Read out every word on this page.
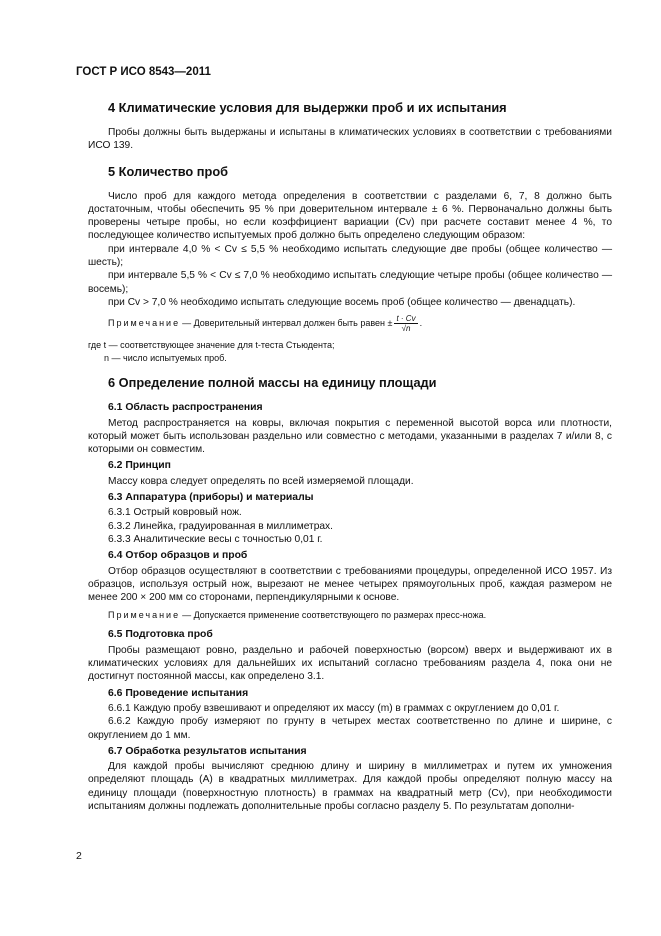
ГОСТ Р ИСО 8543—2011
4 Климатические условия для выдержки проб и их испытания

Пробы должны быть выдержаны и испытаны в климатических условиях в соответствии с требованиями ИСО 139.

5 Количество проб

Число проб для каждого метода определения в соответствии с разделами 6, 7, 8 должно быть достаточным, чтобы обеспечить 95 % при доверительном интервале ± 6 %. Первоначально должны быть проверены четыре пробы, но если коэффициент вариации (Cv) при расчете составит менее 4 %, то последующее количество испытуемых проб должно быть определено следующим образом:

при интервале 4,0 % < Cv ≤ 5,5 % необходимо испытать следующие две пробы (общее количество — шесть);

при интервале 5,5 % < Cv ≤ 7,0 % необходимо испытать следующие четыре пробы (общее количество — восемь);

при Cv > 7,0 % необходимо испытать следующие восемь проб (общее количество — двенадцать).

Примечание — Доверительный интервал должен быть равен ± $\frac{t \cdot Cv}{√n}$ .

где t — соответствующее значение для t-теста Стьюдента;

n — число испытуемых проб.

6 Определение полной массы на единицу площади
6.1 Область распространения

Метод распространяется на ковры, включая покрытия с переменной высотой ворса или плотности, который может быть использован раздельно или совместно с методами, указанными в разделах 7 и/или 8, с которыми он совместим.

6.2 Принцип

Массу ковра следует определять по всей измеряемой площади.

6.3 Аппаратура (приборы) и материалы

6.3.1 Острый ковровый нож.

6.3.2 Линейка, градуированная в миллиметрах.

6.3.3 Аналитические весы с точностью 0,01 г.

6.4 Отбор образцов и проб

Отбор образцов осуществляют в соответствии с требованиями процедуры, определенной ИСО 1957. Из образцов, используя острый нож, вырезают не менее четырех прямоугольных проб, каждая размером не менее 200 × 200 мм со сторонами, перпендикулярными к основе.

Примечание — Допускается применение соответствующего по размерах пресс-ножа.
6.5 Подготовка проб

Пробы размещают ровно, раздельно и рабочей поверхностью (ворсом) вверх и выдерживают их в климатических условиях для дальнейших их испытаний согласно требованиям раздела 4, пока они не достигнут постоянной массы, как определено 3.1.

6.6 Проведение испытания

6.6.1 Каждую пробу взвешивают и определяют их массу (m) в граммах с округлением до 0,01 г.

6.6.2 Каждую пробу измеряют по грунту в четырех местах соответственно по длине и ширине, с округлением до 1 мм.

6.7 Обработка результатов испытания

Для каждой пробы вычисляют среднюю длину и ширину в миллиметрах и путем их умножения определяют площадь (A) в квадратных миллиметрах. Для каждой пробы определяют полную массу на единицу площади (поверхностную плотность) в граммах на квадратный метр (Cv), при необходимости испытаниям должны подлежать дополнительные пробы согласно разделу 5. По результатам дополни-

2
